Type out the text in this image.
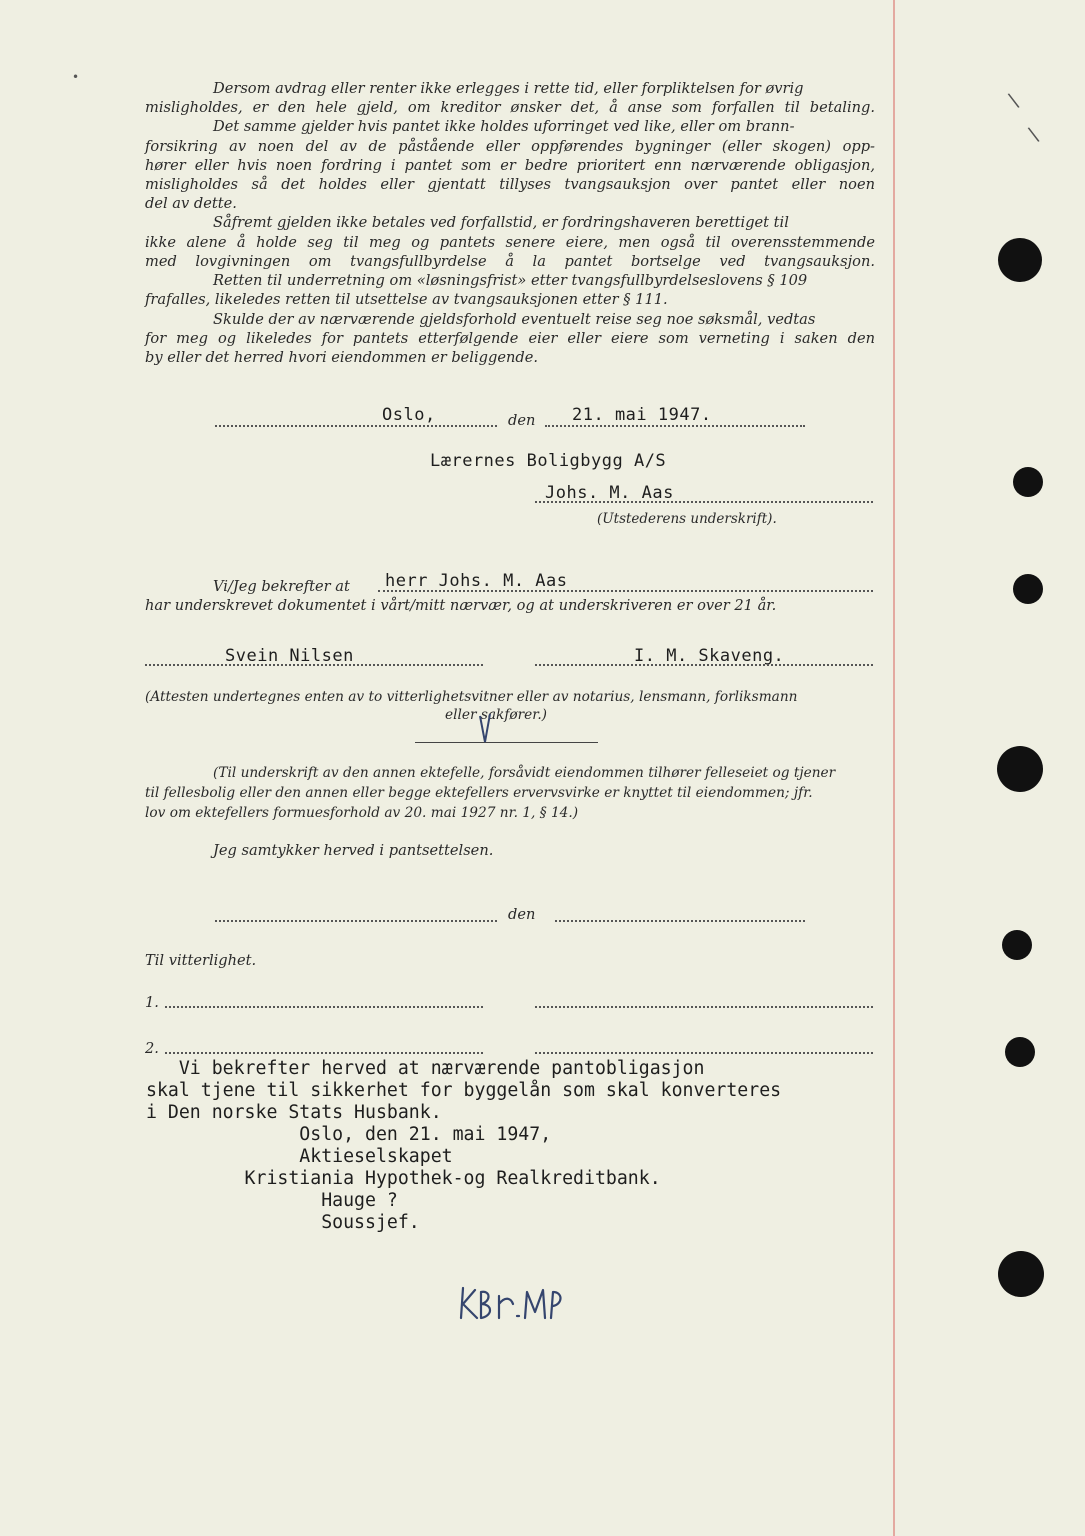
\
\
•

Dersom avdrag eller renter ikke erlegges i rette tid, eller forpliktelsen for øvrig

misligholdes, er den hele gjeld, om kreditor ønsker det, å anse som forfallen til betaling.

Det samme gjelder hvis pantet ikke holdes uforringet ved like, eller om brann-

forsikring av noen del av de påstående eller oppførendes bygninger (eller skogen) opp-

hører eller hvis noen fordring i pantet som er bedre prioritert enn nærværende obligasjon,

misligholdes så det holdes eller gjentatt tillyses tvangsauksjon over pantet eller noen

del av dette.

Såfremt gjelden ikke betales ved forfallstid, er fordringshaveren berettiget til

ikke alene å holde seg til meg og pantets senere eiere, men også til overensstemmende

med lovgivningen om tvangsfullbyrdelse å la pantet bortselge ved tvangsauksjon.

Retten til underretning om «løsningsfrist» etter tvangsfullbyrdelseslovens § 109

frafalles, likeledes retten til utsettelse av tvangsauksjonen etter § 111.

Skulde der av nærværende gjeldsforhold eventuelt reise seg noe søksmål, vedtas

for meg og likeledes for pantets etterfølgende eier eller eiere som verneting i saken den

by eller det herred hvori eiendommen er beliggende.

Oslo,	den 21. mai 1947.
Lærernes Boligbygg A/S
Johs. M. Aas
(Utstederens underskrift).
Vi/Jeg bekrefter at herr Johs. M. Aas
har underskrevet dokumentet i vårt/mitt nærvær, og at underskriveren er over 21 år.
Svein Nilsen	I. M. Skaveng.
(Attesten undertegnes enten av to vitterlighetsvitner eller av notarius, lensmann, forliksmann
eller sakfører.)
(Til underskrift av den annen ektefelle, forsåvidt eiendommen tilhører felleseiet og tjener
til fellesbolig eller den annen eller begge ektefellers ervervsvirke er knyttet til eiendommen; jfr.
lov om ektefellers formuesforhold av 20. mai 1927 nr. 1, § 14.)
Jeg samtykker herved i pantsettelsen.
den
Til vitterlighet.
1.
2.
Vi bekrefter herved at nærværende pantobligasjon
skal tjene til sikkerhet for byggelån som skal konverteres
i Den norske Stats Husbank.
Oslo, den 21. mai 1947,
Aktieselskapet
Kristiania Hypothek-og Realkreditbank.
Hauge ?
Soussjef.
